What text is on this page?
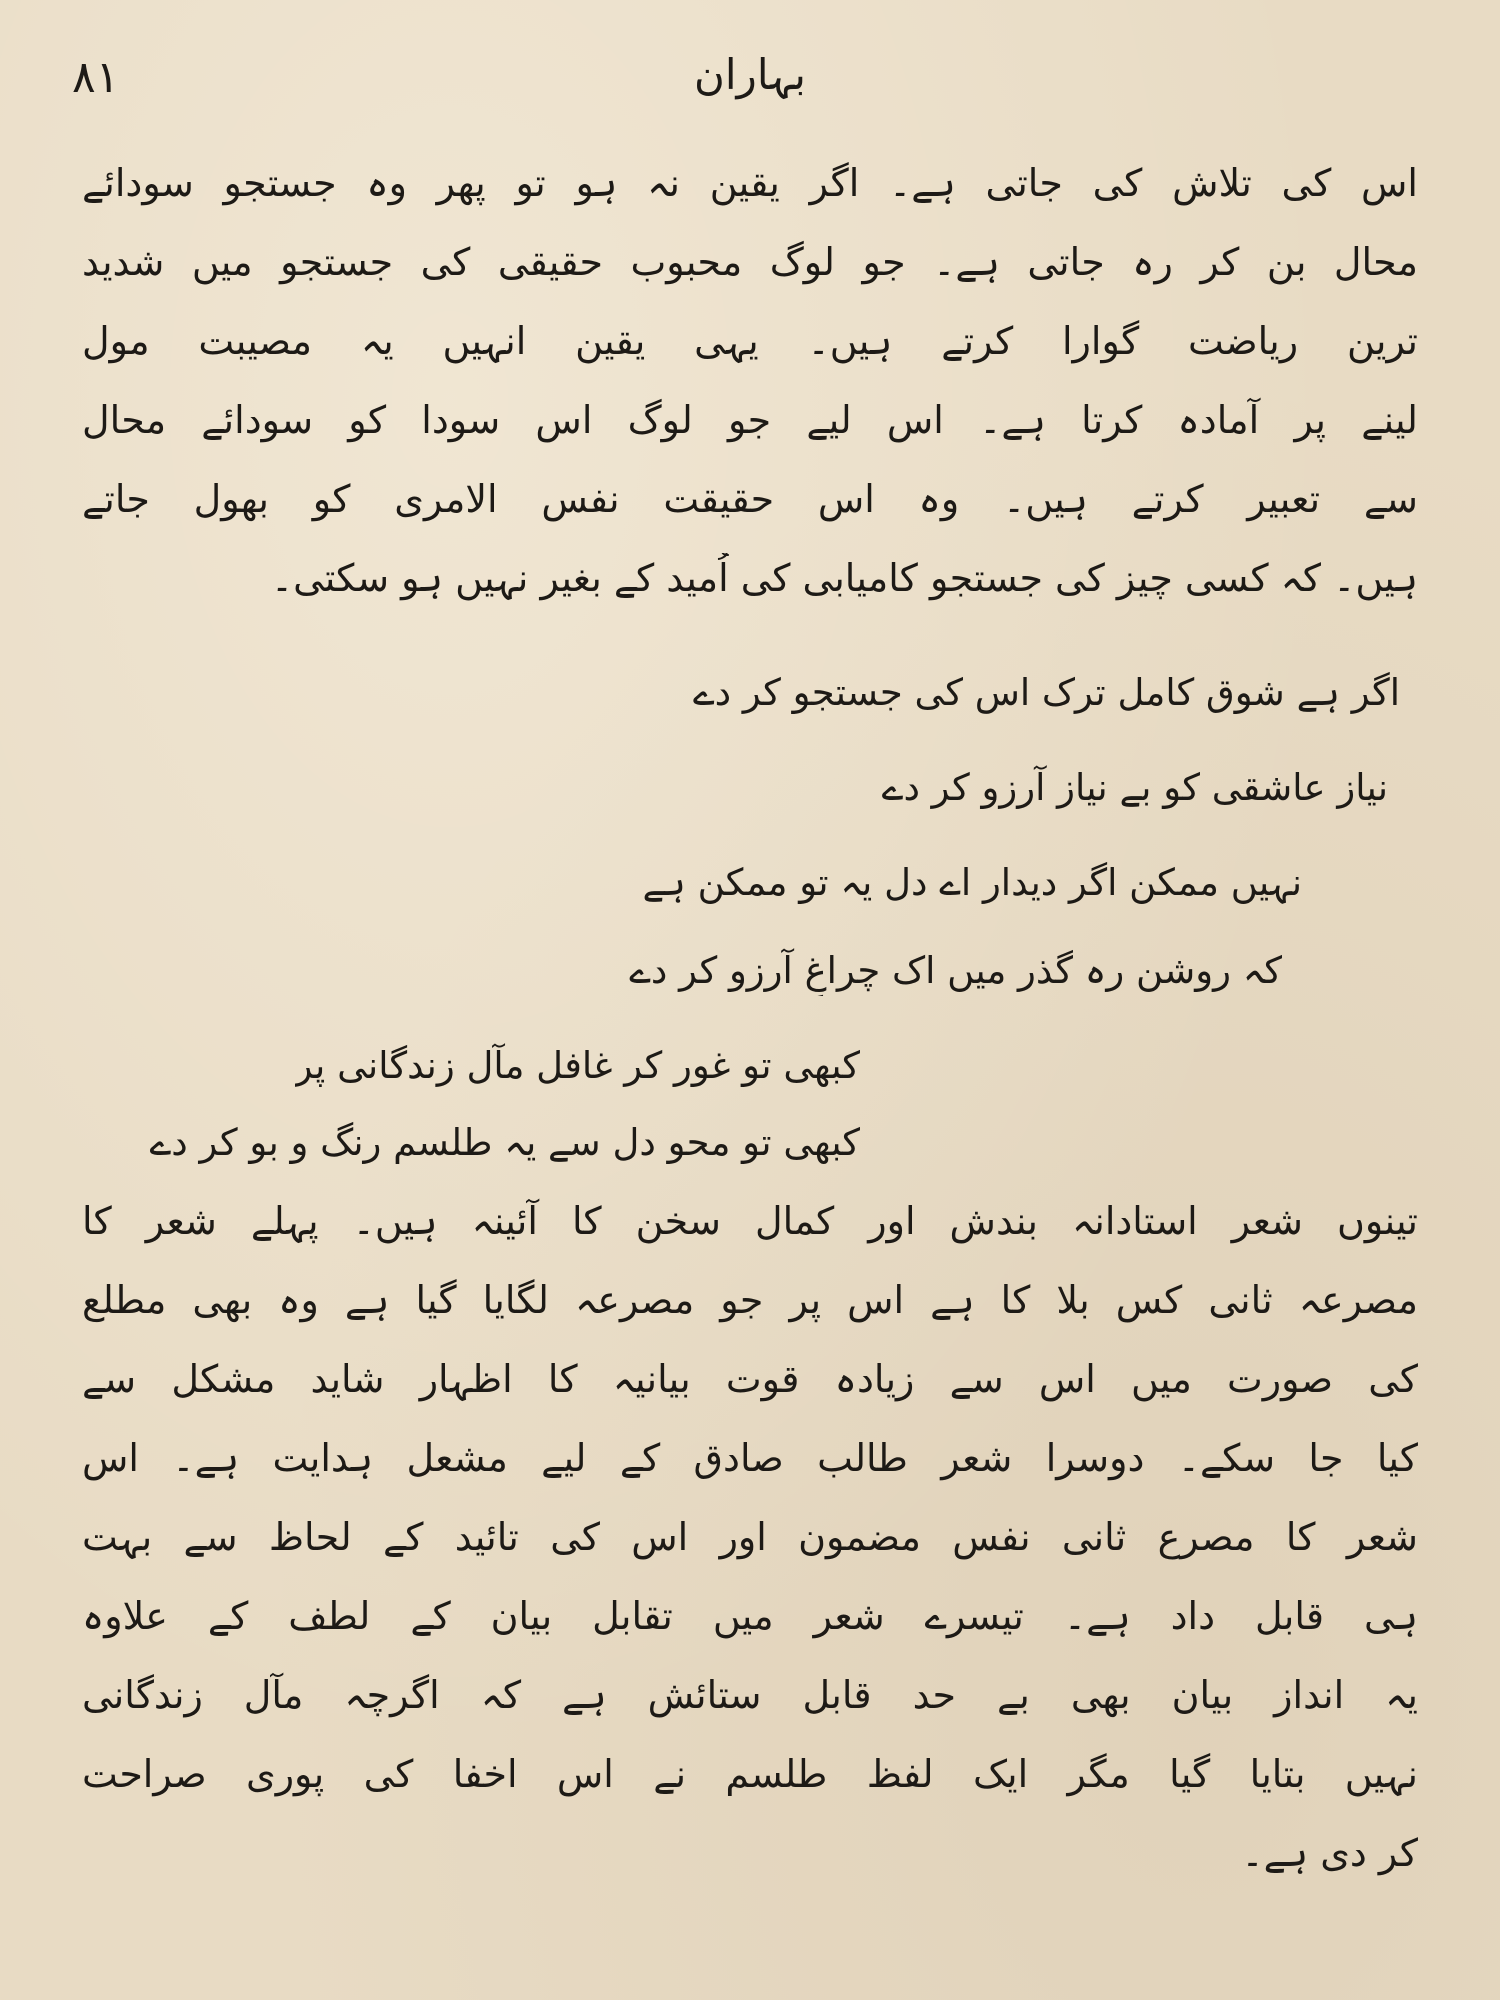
٨١	بہاران
اس کی تلاش کی جاتی ہے۔ اگر یقین نہ ہو تو پھر وہ جستجو سودائے
محال بن کر رہ جاتی ہے۔ جو لوگ محبوب حقیقی کی جستجو میں شدید
ترین ریاضت گوارا کرتے ہیں۔ یہی یقین انہیں یہ مصیبت مول
لینے پر آمادہ کرتا ہے۔ اس لیے جو لوگ اس سودا کو سودائے محال
سے تعبیر کرتے ہیں۔ وہ اس حقیقت نفس الامری کو بھول جاتے
ہیں۔ کہ کسی چیز کی جستجو کامیابی کی اُمید کے بغیر نہیں ہو سکتی۔
اگر ہے شوق کامل ترک اس کی جستجو کر دے
نیاز عاشقی کو بے نیاز آرزو کر دے
نہیں ممکن اگر دیدار اے دل یہ تو ممکن ہے
کہ روشن رہ گذر میں اک چراغِ آرزو کر دے
کبھی تو غور کر غافل مآل زندگانی پر
کبھی تو محو دل سے یہ طلسم رنگ و بو کر دے
تینوں شعر استادانہ بندش اور کمال سخن کا آئینہ ہیں۔ پہلے شعر کا
مصرعہ ثانی کس بلا کا ہے اس پر جو مصرعہ لگایا گیا ہے وہ بھی مطلع
کی صورت میں اس سے زیادہ قوت بیانیہ کا اظہار شاید مشکل سے
کیا جا سکے۔ دوسرا شعر طالب صادق کے لیے مشعل ہدایت ہے۔ اس
شعر کا مصرع ثانی نفس مضمون اور اس کی تائید کے لحاظ سے بہت
ہی قابل داد ہے۔ تیسرے شعر میں تقابل بیان کے لطف کے علاوہ
یہ انداز بیان بھی بے حد قابل ستائش ہے کہ اگرچہ مآل زندگانی
نہیں بتایا گیا مگر ایک لفظ طلسم نے اس اخفا کی پوری صراحت
کر دی ہے۔
